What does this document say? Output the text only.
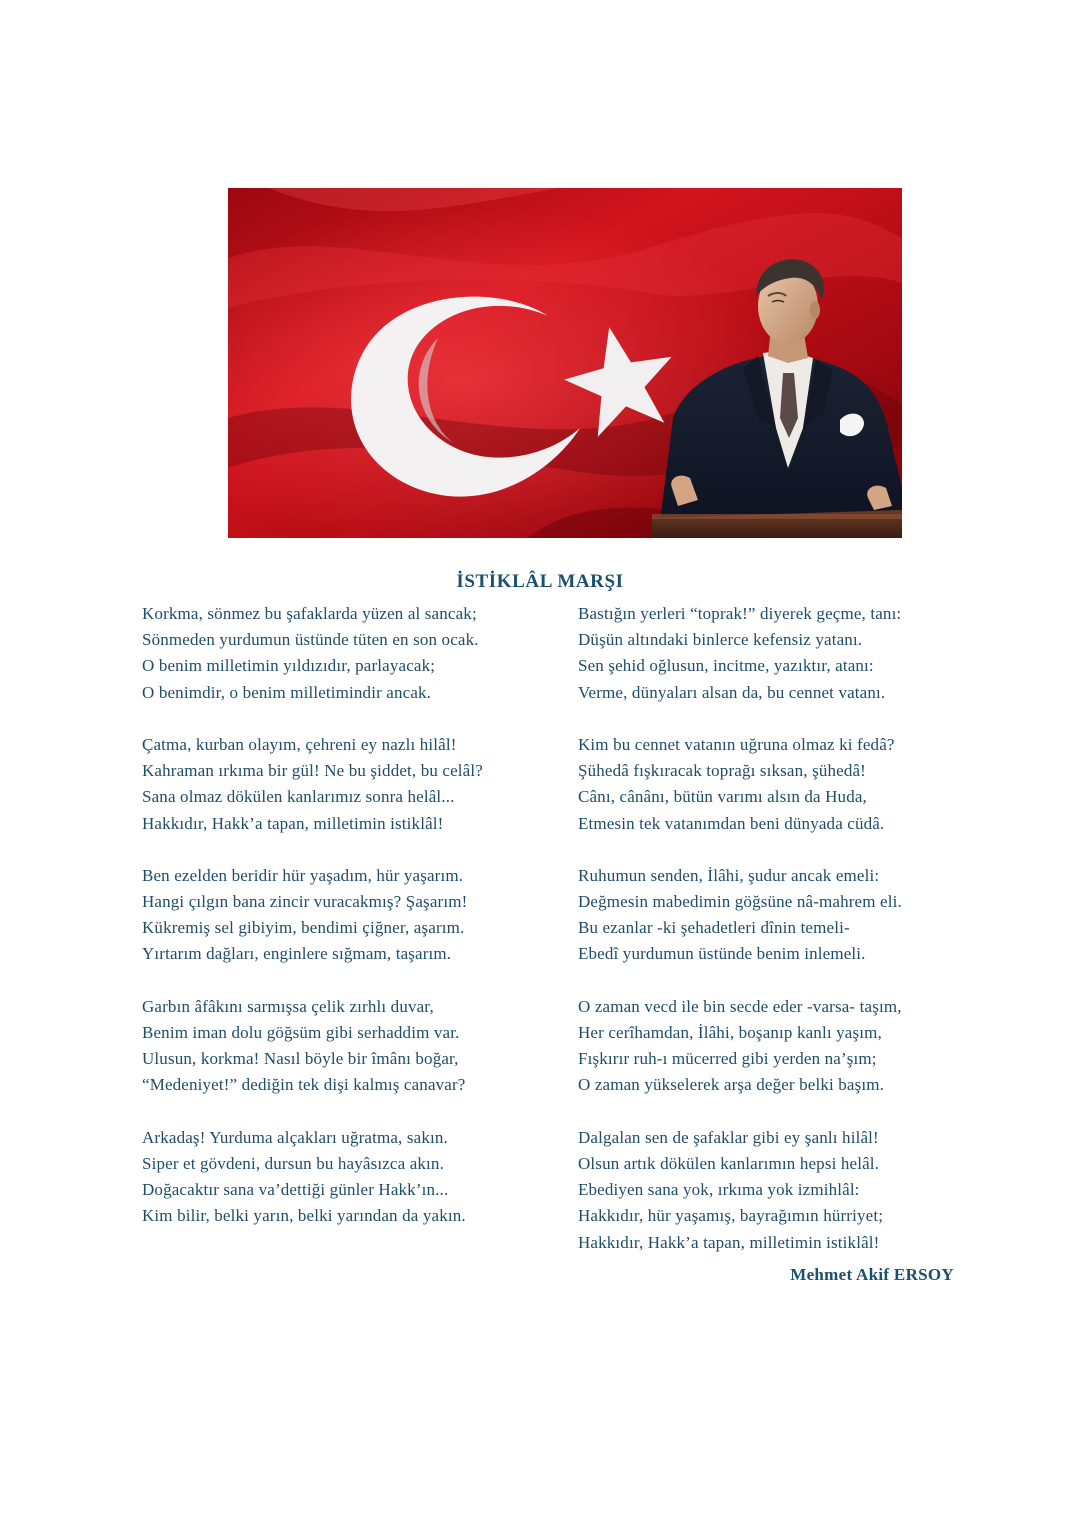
İSTİKLÂL MARŞI
Korkma, sönmez bu şafaklarda yüzen al sancak;
Sönmeden yurdumun üstünde tüten en son ocak.
O benim milletimin yıldızıdır, parlayacak;
O benimdir, o benim milletimindir ancak.
Çatma, kurban olayım, çehreni ey nazlı hilâl!
Kahraman ırkıma bir gül! Ne bu şiddet, bu celâl?
Sana olmaz dökülen kanlarımız sonra helâl...
Hakkıdır, Hakk’a tapan, milletimin istiklâl!
Ben ezelden beridir hür yaşadım, hür yaşarım.
Hangi çılgın bana zincir vuracakmış? Şaşarım!
Kükremiş sel gibiyim, bendimi çiğner, aşarım.
Yırtarım dağları, enginlere sığmam, taşarım.
Garbın âfâkını sarmışsa çelik zırhlı duvar,
Benim iman dolu göğsüm gibi serhaddim var.
Ulusun, korkma! Nasıl böyle bir îmânı boğar,
“Medeniyet!” dediğin tek dişi kalmış canavar?
Arkadaş! Yurduma alçakları uğratma, sakın.
Siper et gövdeni, dursun bu hayâsızca akın.
Doğacaktır sana va’dettiği günler Hakk’ın...
Kim bilir, belki yarın, belki yarından da yakın.
Bastığın yerleri “toprak!” diyerek geçme, tanı:
Düşün altındaki binlerce kefensiz yatanı.
Sen şehid oğlusun, incitme, yazıktır, atanı:
Verme, dünyaları alsan da, bu cennet vatanı.
Kim bu cennet vatanın uğruna olmaz ki fedâ?
Şühedâ fışkıracak toprağı sıksan, şühedâ!
Cânı, cânânı, bütün varımı alsın da Huda,
Etmesin tek vatanımdan beni dünyada cüdâ.
Ruhumun senden, İlâhi, şudur ancak emeli:
Değmesin mabedimin göğsüne nâ-mahrem eli.
Bu ezanlar -ki şehadetleri dînin temeli-
Ebedî yurdumun üstünde benim inlemeli.
O zaman vecd ile bin secde eder -varsa- taşım,
Her cerîhamdan, İlâhi, boşanıp kanlı yaşım,
Fışkırır ruh-ı mücerred gibi yerden na’şım;
O zaman yükselerek arşa değer belki başım.
Dalgalan sen de şafaklar gibi ey şanlı hilâl!
Olsun artık dökülen kanlarımın hepsi helâl.
Ebediyen sana yok, ırkıma yok izmihlâl:
Hakkıdır, hür yaşamış, bayrağımın hürriyet;
Hakkıdır, Hakk’a tapan, milletimin istiklâl!
Mehmet Akif ERSOY
